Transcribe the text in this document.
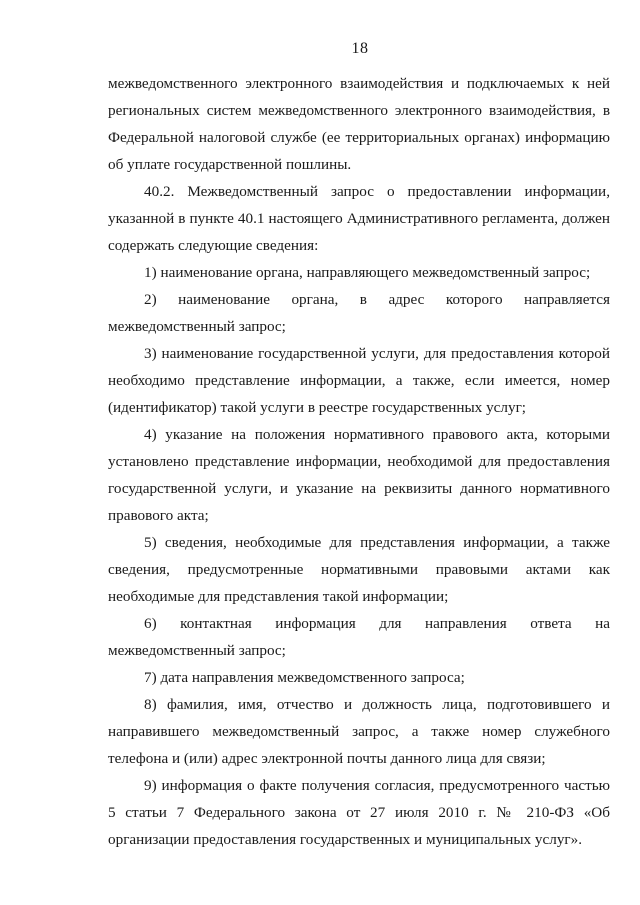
18

межведомственного электронного взаимодействия и подключаемых к ней региональных систем межведомственного электронного взаимодействия, в Федеральной налоговой службе (ее территориальных органах) информацию об уплате государственной пошлины.

40.2. Межведомственный запрос о предоставлении информации, указанной в пункте 40.1 настоящего Административного регламента, должен содержать следующие сведения:

1) наименование органа, направляющего межведомственный запрос;

2) наименование органа, в адрес которого направляется межведомственный запрос;

3) наименование государственной услуги, для предоставления которой необходимо представление информации, а также, если имеется, номер (идентификатор) такой услуги в реестре государственных услуг;

4) указание на положения нормативного правового акта, которыми установлено представление информации, необходимой для предоставления государственной услуги, и указание на реквизиты данного нормативного правового акта;

5) сведения, необходимые для представления информации, а также сведения, предусмотренные нормативными правовыми актами как необходимые для представления такой информации;

6) контактная информация для направления ответа на межведомственный запрос;

7) дата направления межведомственного запроса;

8) фамилия, имя, отчество и должность лица, подготовившего и направившего межведомственный запрос, а также номер служебного телефона и (или) адрес электронной почты данного лица для связи;

9) информация о факте получения согласия, предусмотренного частью 5 статьи 7 Федерального закона от 27 июля 2010 г. № 210-ФЗ «Об организации предоставления государственных и муниципальных услуг».
